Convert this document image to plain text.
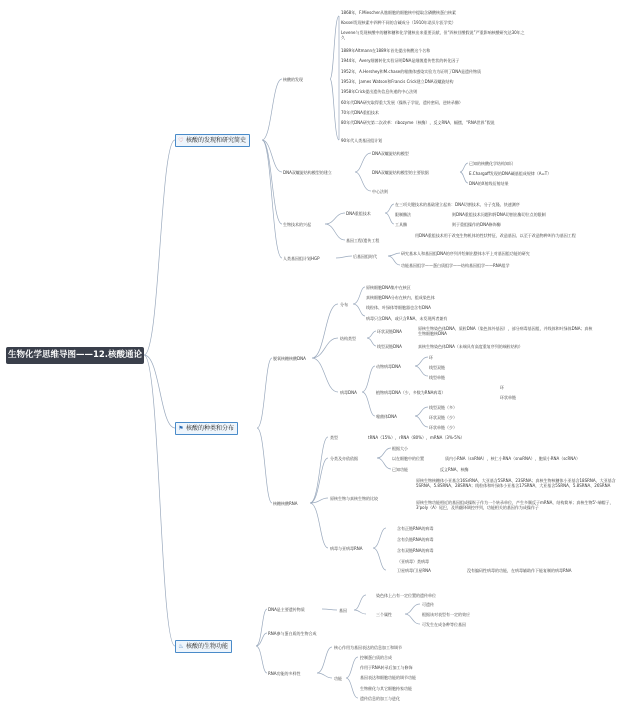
生物化学思维导图——12.核酸通论
♡ 核酸的发现和研究简史
核酸的发现
1868年，F.Miescher从脓细胞的细胞核中提取含磷酸核蛋白核素
Kossel发现核素中四种不同的含碱成分（1910年诺贝尔医学奖）
Levene与发现核酸中的糖和糖和化学键核出来重要贡献，但“四核苷酸假说”严重影响核酸研究达30年之久
1889年Altmann在1889年首先提出核酸这个名称
1944年，Avery细菌转化实验证明DNA是细菌遗传性状的转化因子
1952年，A.Hershey和M.chase的噬菌体感染实验为为证明了DNA是遗传物质
1953年，James Watson和Francis Crick建立DNA双螺旋结构
1958年Crick提出遗传信息传递的中心法则
60年代DNA研究取得重大发展（操纵子学说，遗传密码，逆转录酶）
70年代DNA重组技术
80年代DNA研究第二次改革：ribozyme（核酶），反义RNA，幅摆，“RNA世界”假说
90年代人类基因组计划
DNA双螺旋结构模型的建立
DNA双螺旋结构模型
DNA双螺旋结构模型的主要依据
中心法则
已知的核酸化学结构知识
E.Chargaff发现的DNA碱基组成规律（A=T）
DNA的X射线衍射结果
生物技术的兴起
DNA重组技术
在三项关键技术的基础建立起来：DNA切割技术、分子克隆、快速测序
限制酶法
工具酶
则DNA重组技术问题和将DNA切割出酶切位点的限制
则于重组操作的DNA修饰酶
基因工程/遗传工程
用DNA重组技术用于改变生物机体的性状特征，改造基因、以至于改造物种叫作为基因工程
人类基因组计划HGP	后基因组时代
研究基本人和基因组DNA的序列并绘制出整体水平上对基因组功能的研究
功能基因组学——蛋白质组学——结构基因组学——RNA组学
⚑ 核酸的种类和分布
脱氧核糖核酸DNA
分布
原核细胞DNA集中在核区
真核细胞DNA分布在核内，组成染色体
线粒体、叶绿体等细胞器也含有DNA
病毒只含DNA，或只含RNA，未发现两者兼有
结构类型
环状双链DNA
线型双链DNA
原核生物染色体DNA，质粒DNA（染色体外基因），部分病毒基因组，并线体和叶绿体DNA；真核生物细胞核DNA
真核生物染色体DNA（未端具有高度重复序列的端粒结构）
病毒DNA
动物病毒DNA
植物病毒DNA（少，多数为RNA病毒）
噬菌体DNA
环
线型双链
线型单链
环
环状单链
线型双链（多）
环状双链（少）
环状单链（少）
核糖核酸RNA
类型	tRNA（15%），rRNA（80%），mRNA（3%-5%）
分类及亦依依据
根据大小
以在细胞中的位置
已知功能
质内小RNA（snRNA），核仁小RNA（snoRNA），胞质小RNA（scRNA）
反义RNA，核酶
原核生物与真核生物的比较
原核生物核糖体小亚基含16SrRNA，大亚基含5SRNA、23SRNA；真核生物核糖体小亚基含18SRNA，大亚基含5SRNA、5.8SRNA、28SRNA；线粒体和叶绿体小亚基含17SRNA，大亚基含5SRNA、5.8SRNA、26SRNA
原核生物功能相近的基因组成操纵子作为一个转录单位，产生多顺反子mRNA，结构简单；真核生物5'-端帽子，3'poly（A）尾巴，及所翻译调控序列，功能相关的基因作为成操作子
病毒与亚病毒RNA
含有正链RNA的病毒
含有负链RNA的病毒
含有双链RNA的病毒
（亚病毒）类病毒
卫星病毒/卫星RNA	没有编码性病毒的功能，在病毒辅助作下能复制的病毒RNA
♨ 核酸的生物功能
DNA是主要遗传物质	基因
染色体上占有一定位置的遗传单位
三个属性
可遗传
根据该对表型有一定的效应
可发生在成各种等位基因
RNA参与蛋白质的生物合成
RNA功能的多样性
核心作用为基因表达的信息加工和调节
功能
控制蛋白质的合成
作用于RNA转录后加工与修饰
基因表达和细胞功能的调节功能
生物催化与其它细胞持家功能
遗传信息的加工与进化
